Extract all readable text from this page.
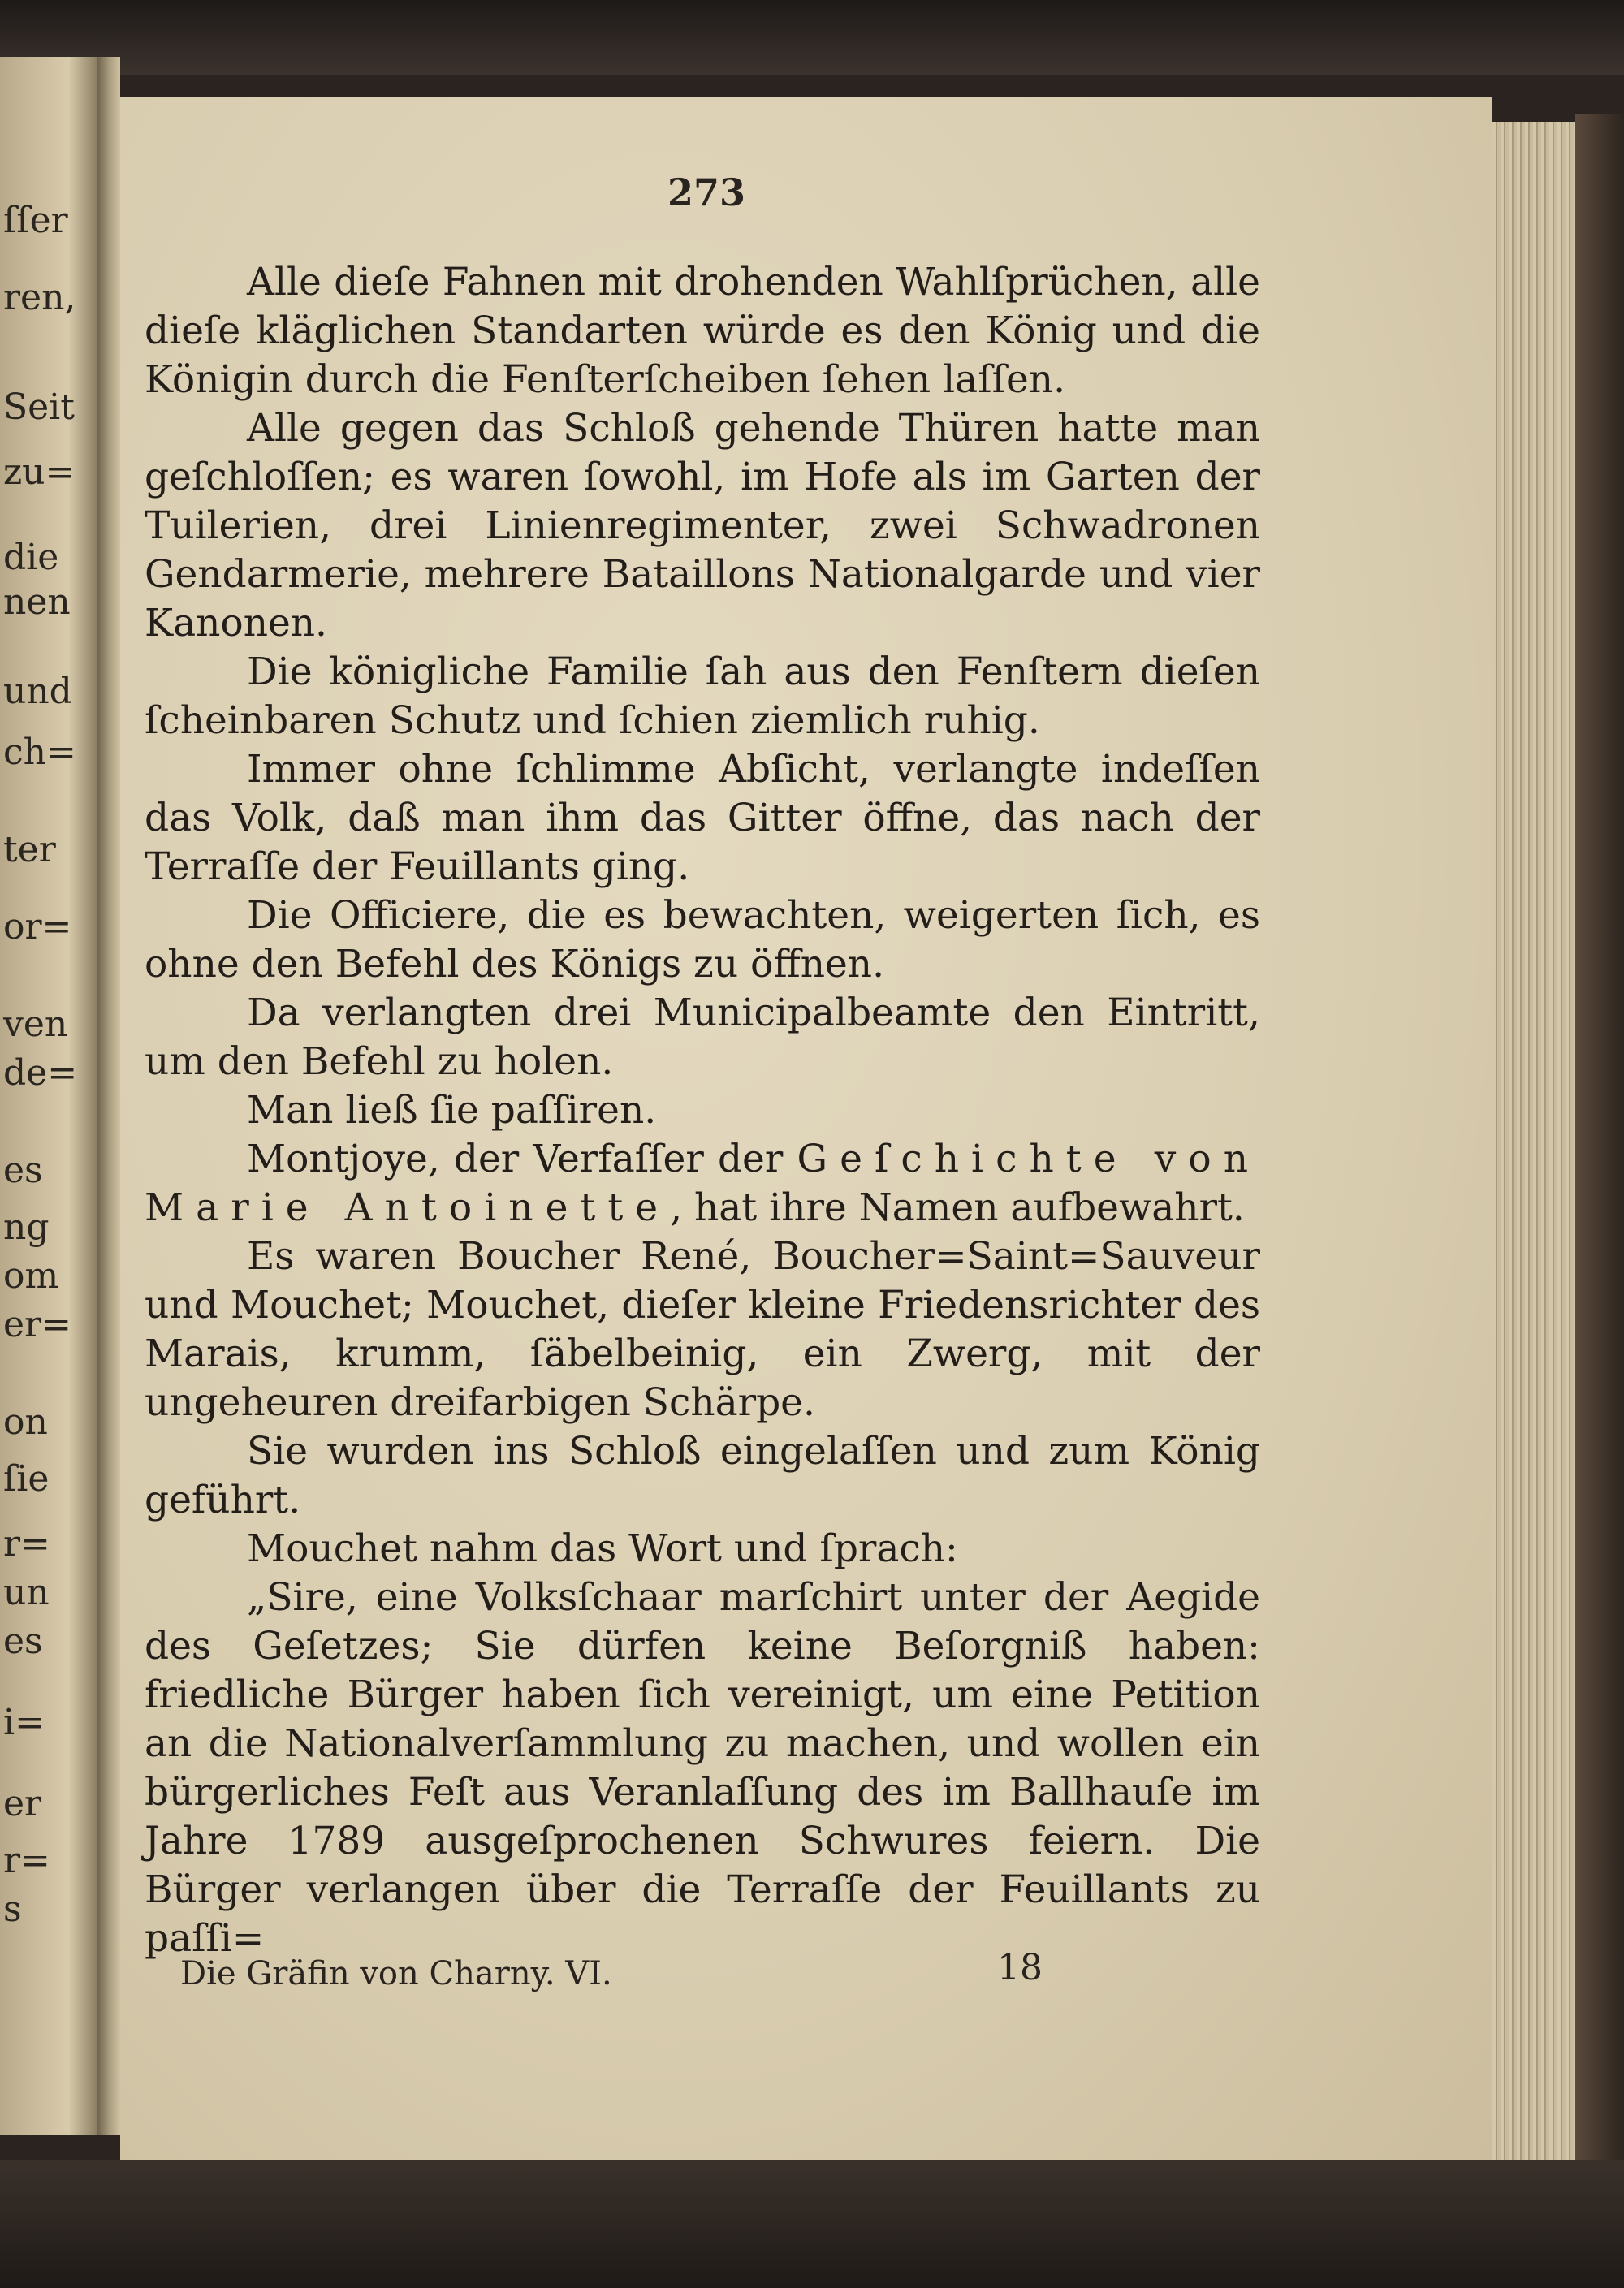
ſſer
ren,
Seit
zu=
die
nen
und
ch=
ter
or=
ven
de=
es
ng
om
er=
on
ſie
r=
un
es
i=
er
r=
s
273

Alle dieſe Fahnen mit drohenden Wahlſprüchen, alle dieſe kläglichen Standarten würde es den König und die Königin durch die Fenſterſcheiben ſehen laſſen.

Alle gegen das Schloß gehende Thüren hatte man geſchloſſen; es waren ſowohl, im Hofe als im Garten der Tuilerien, drei Linienregimenter, zwei Schwadronen Gendarmerie, mehrere Bataillons Nationalgarde und vier Kanonen.

Die königliche Familie ſah aus den Fenſtern dieſen ſcheinbaren Schutz und ſchien ziemlich ruhig.

Immer ohne ſchlimme Abſicht, verlangte indeſſen das Volk, daß man ihm das Gitter öffne, das nach der Terraſſe der Feuillants ging.

Die Officiere, die es bewachten, weigerten ſich, es ohne den Befehl des Königs zu öffnen.

Da verlangten drei Municipalbeamte den Eintritt, um den Befehl zu holen.

Man ließ ſie paſſiren.

Montjoye, der Verfaſſer der Geſchichte von Marie Antoinette, hat ihre Namen aufbewahrt.

Es waren Boucher René, Boucher=Saint=Sauveur und Mouchet; Mouchet, dieſer kleine Friedensrichter des Marais, krumm, ſäbelbeinig, ein Zwerg, mit der ungeheuren dreifarbigen Schärpe.

Sie wurden ins Schloß eingelaſſen und zum König geführt.

Mouchet nahm das Wort und ſprach:

„Sire, eine Volksſchaar marſchirt unter der Aegide des Geſetzes; Sie dürfen keine Beſorgniß haben: friedliche Bürger haben ſich vereinigt, um eine Petition an die Nationalverſammlung zu machen, und wollen ein bürgerliches Feſt aus Veranlaſſung des im Ballhauſe im Jahre 1789 ausgeſprochenen Schwures feiern. Die Bürger verlangen über die Terraſſe der Feuillants zu paſſi=

Die Gräfin von Charny. VI.	18
